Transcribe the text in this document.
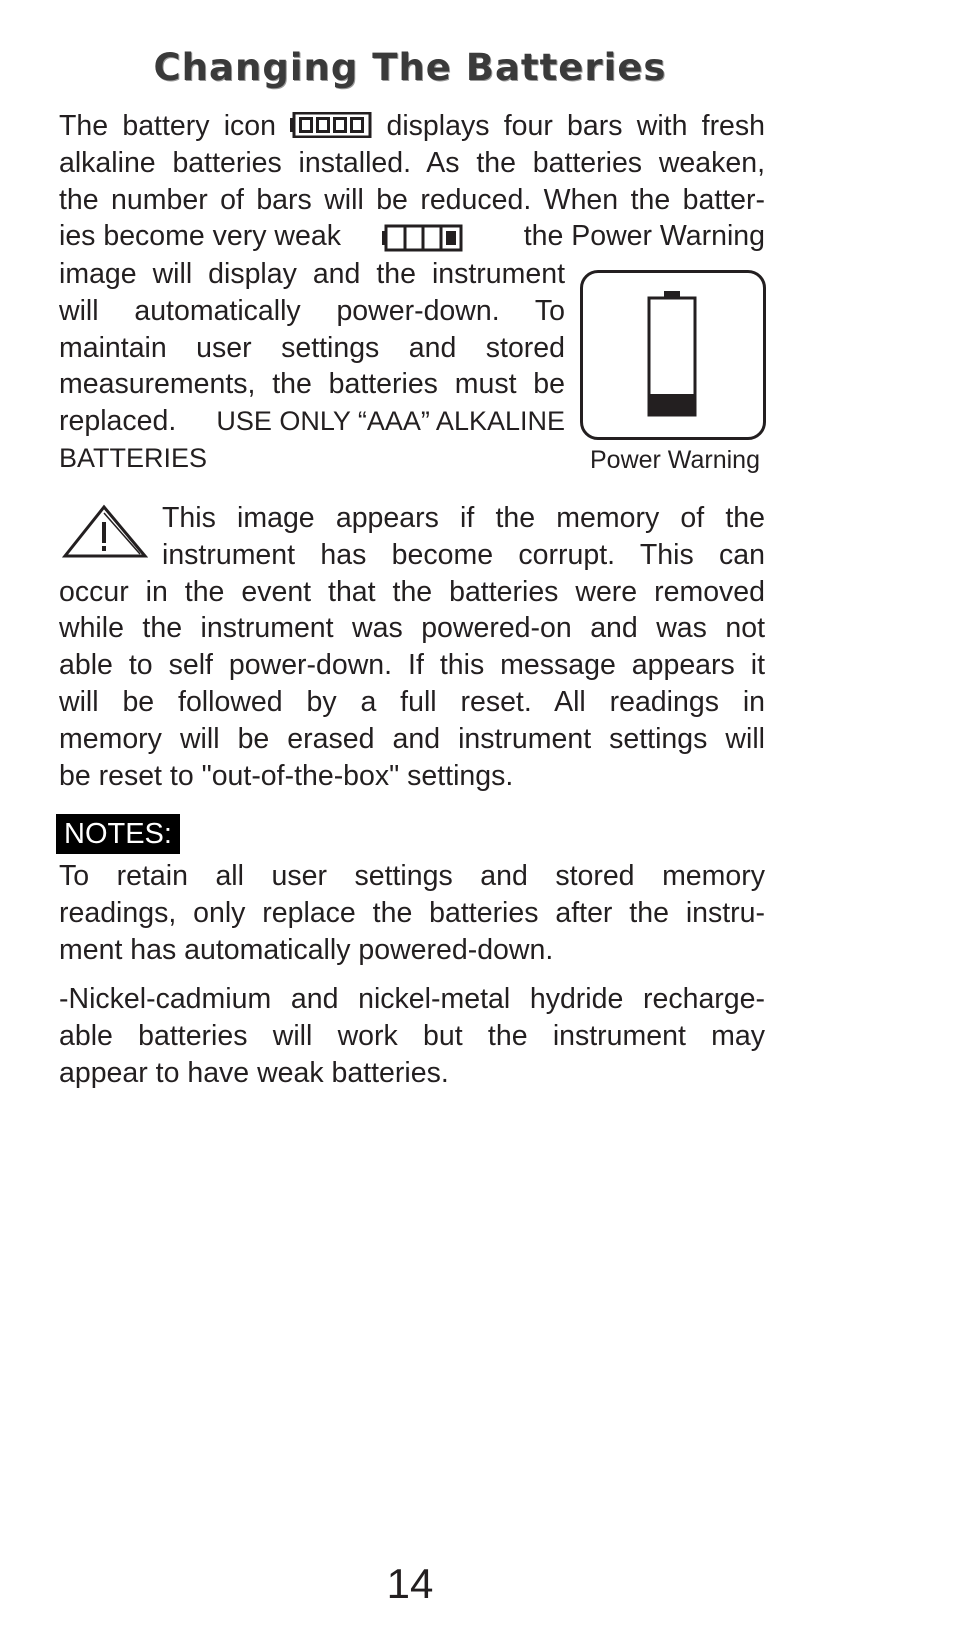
Changing The Batteries
The battery icon	displays four bars with fresh
alkaline batteries installed. As the batteries weaken,
the number of bars will be reduced. When the batter-
ies become very weak	the Power Warning
image will display and the instrument
will automatically power-down. To
maintain user settings and stored
measurements, the batteries must be
replaced. USE ONLY “AAA” ALKALINE
BATTERIES	Power Warning
This image appears if the memory of the
instrument has become corrupt. This can
occur in the event that the batteries were removed
while the instrument was powered-on and was not
able to self power-down. If this message appears it
will be followed by a full reset. All readings in
memory will be erased and instrument settings will
be reset to "out-of-the-box" settings.
NOTES:
To retain all user settings and stored memory
readings, only replace the batteries after the instru-
ment has automatically powered-down.
-Nickel-cadmium and nickel-metal hydride recharge-
able batteries will work but the instrument may
appear to have weak batteries.
14
